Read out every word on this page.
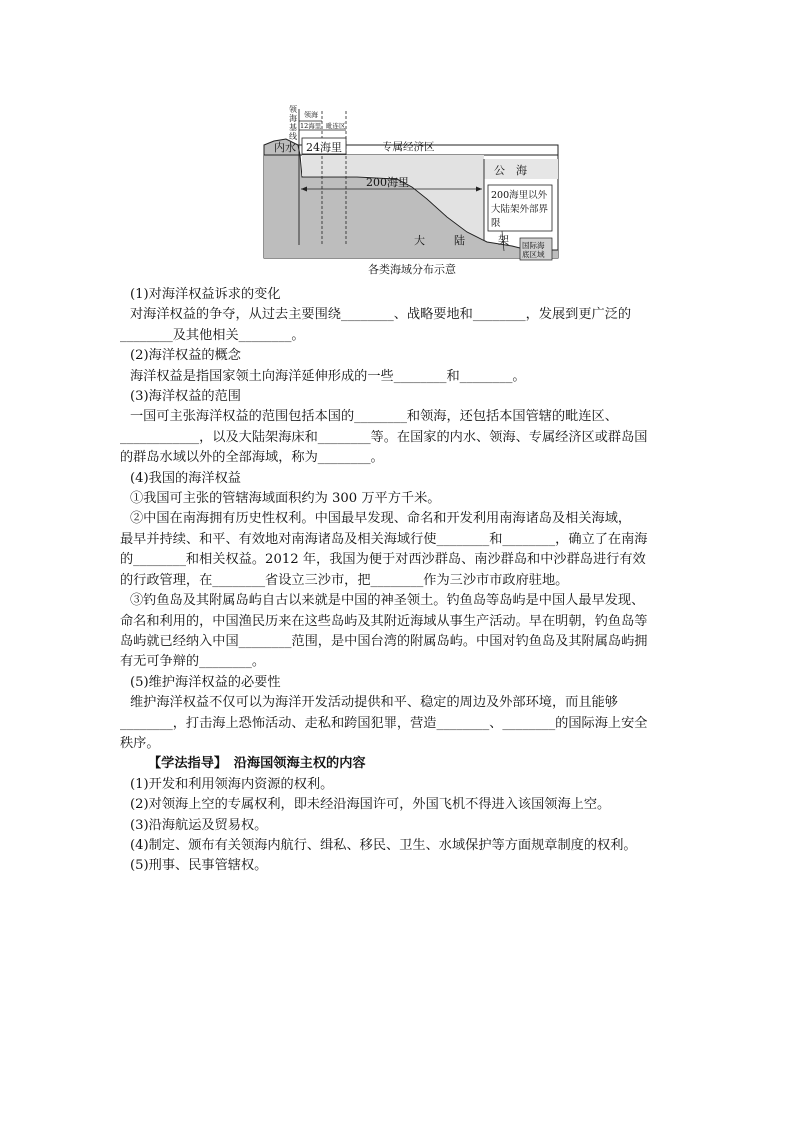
领
海
基
线
领海
12海里 毗连区
内水 24海里	专属经济区
公　海
200海里
200海里以外
大陆架外部界
限
大	陆	架 国际海
底区域
各类海域分布示意
(1)对海洋权益诉求的变化
对海洋权益的争夺，从过去主要围绕________、战略要地和________，发展到更广泛的
________及其他相关________。
(2)海洋权益的概念
海洋权益是指国家领土向海洋延伸形成的一些________和________。
(3)海洋权益的范围
一国可主张海洋权益的范围包括本国的________和领海，还包括本国管辖的毗连区、
____________，以及大陆架海床和________等。在国家的内水、领海、专属经济区或群岛国
的群岛水域以外的全部海域，称为________。
(4)我国的海洋权益
①我国可主张的管辖海域面积约为 300 万平方千米。
②中国在南海拥有历史性权利。中国最早发现、命名和开发利用南海诸岛及相关海域，
最早并持续、和平、有效地对南海诸岛及相关海域行使________和________，确立了在南海
的________和相关权益。2012 年，我国为便于对西沙群岛、南沙群岛和中沙群岛进行有效
的行政管理，在________省设立三沙市，把________作为三沙市市政府驻地。
③钓鱼岛及其附属岛屿自古以来就是中国的神圣领土。钓鱼岛等岛屿是中国人最早发现、
命名和利用的，中国渔民历来在这些岛屿及其附近海域从事生产活动。早在明朝，钓鱼岛等
岛屿就已经纳入中国________范围，是中国台湾的附属岛屿。中国对钓鱼岛及其附属岛屿拥
有无可争辩的________。
(5)维护海洋权益的必要性
维护海洋权益不仅可以为海洋开发活动提供和平、稳定的周边及外部环境，而且能够
________，打击海上恐怖活动、走私和跨国犯罪，营造________、________的国际海上安全
秩序。
【学法指导】　沿海国领海主权的内容
(1)开发和利用领海内资源的权利。
(2)对领海上空的专属权利，即未经沿海国许可，外国飞机不得进入该国领海上空。
(3)沿海航运及贸易权。
(4)制定、颁布有关领海内航行、缉私、移民、卫生、水域保护等方面规章制度的权利。
(5)刑事、民事管辖权。
